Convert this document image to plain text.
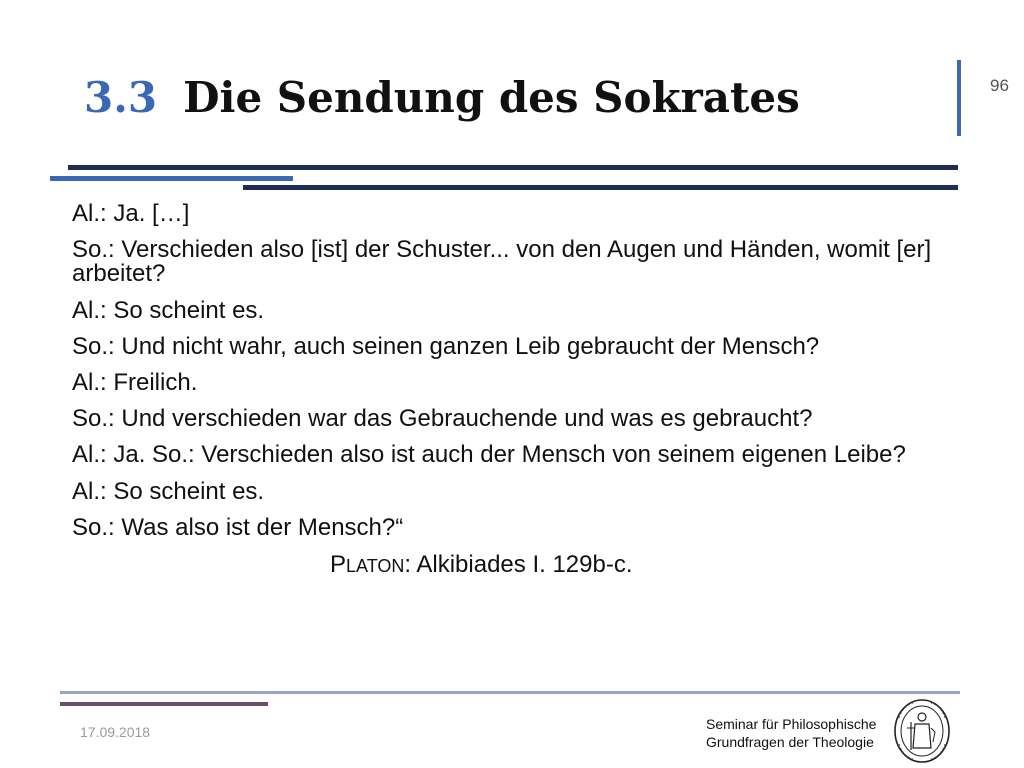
3.3 Die Sendung des Sokrates	96
Al.: Ja. […]
So.: Verschieden also [ist] der Schuster... von den Augen und Händen, womit [er] arbeitet?
Al.: So scheint es.
So.: Und nicht wahr, auch seinen ganzen Leib gebraucht der Mensch?
Al.: Freilich.
So.: Und verschieden war das Gebrauchende und was es gebraucht?
Al.: Ja. So.: Verschieden also ist auch der Mensch von seinem eigenen Leibe?
Al.: So scheint es.
So.: Was also ist der Mensch?“
PLATON: Alkibiades I. 129b-c.
17.09.2018	Seminar für Philosophische
Grundfragen der Theologie
